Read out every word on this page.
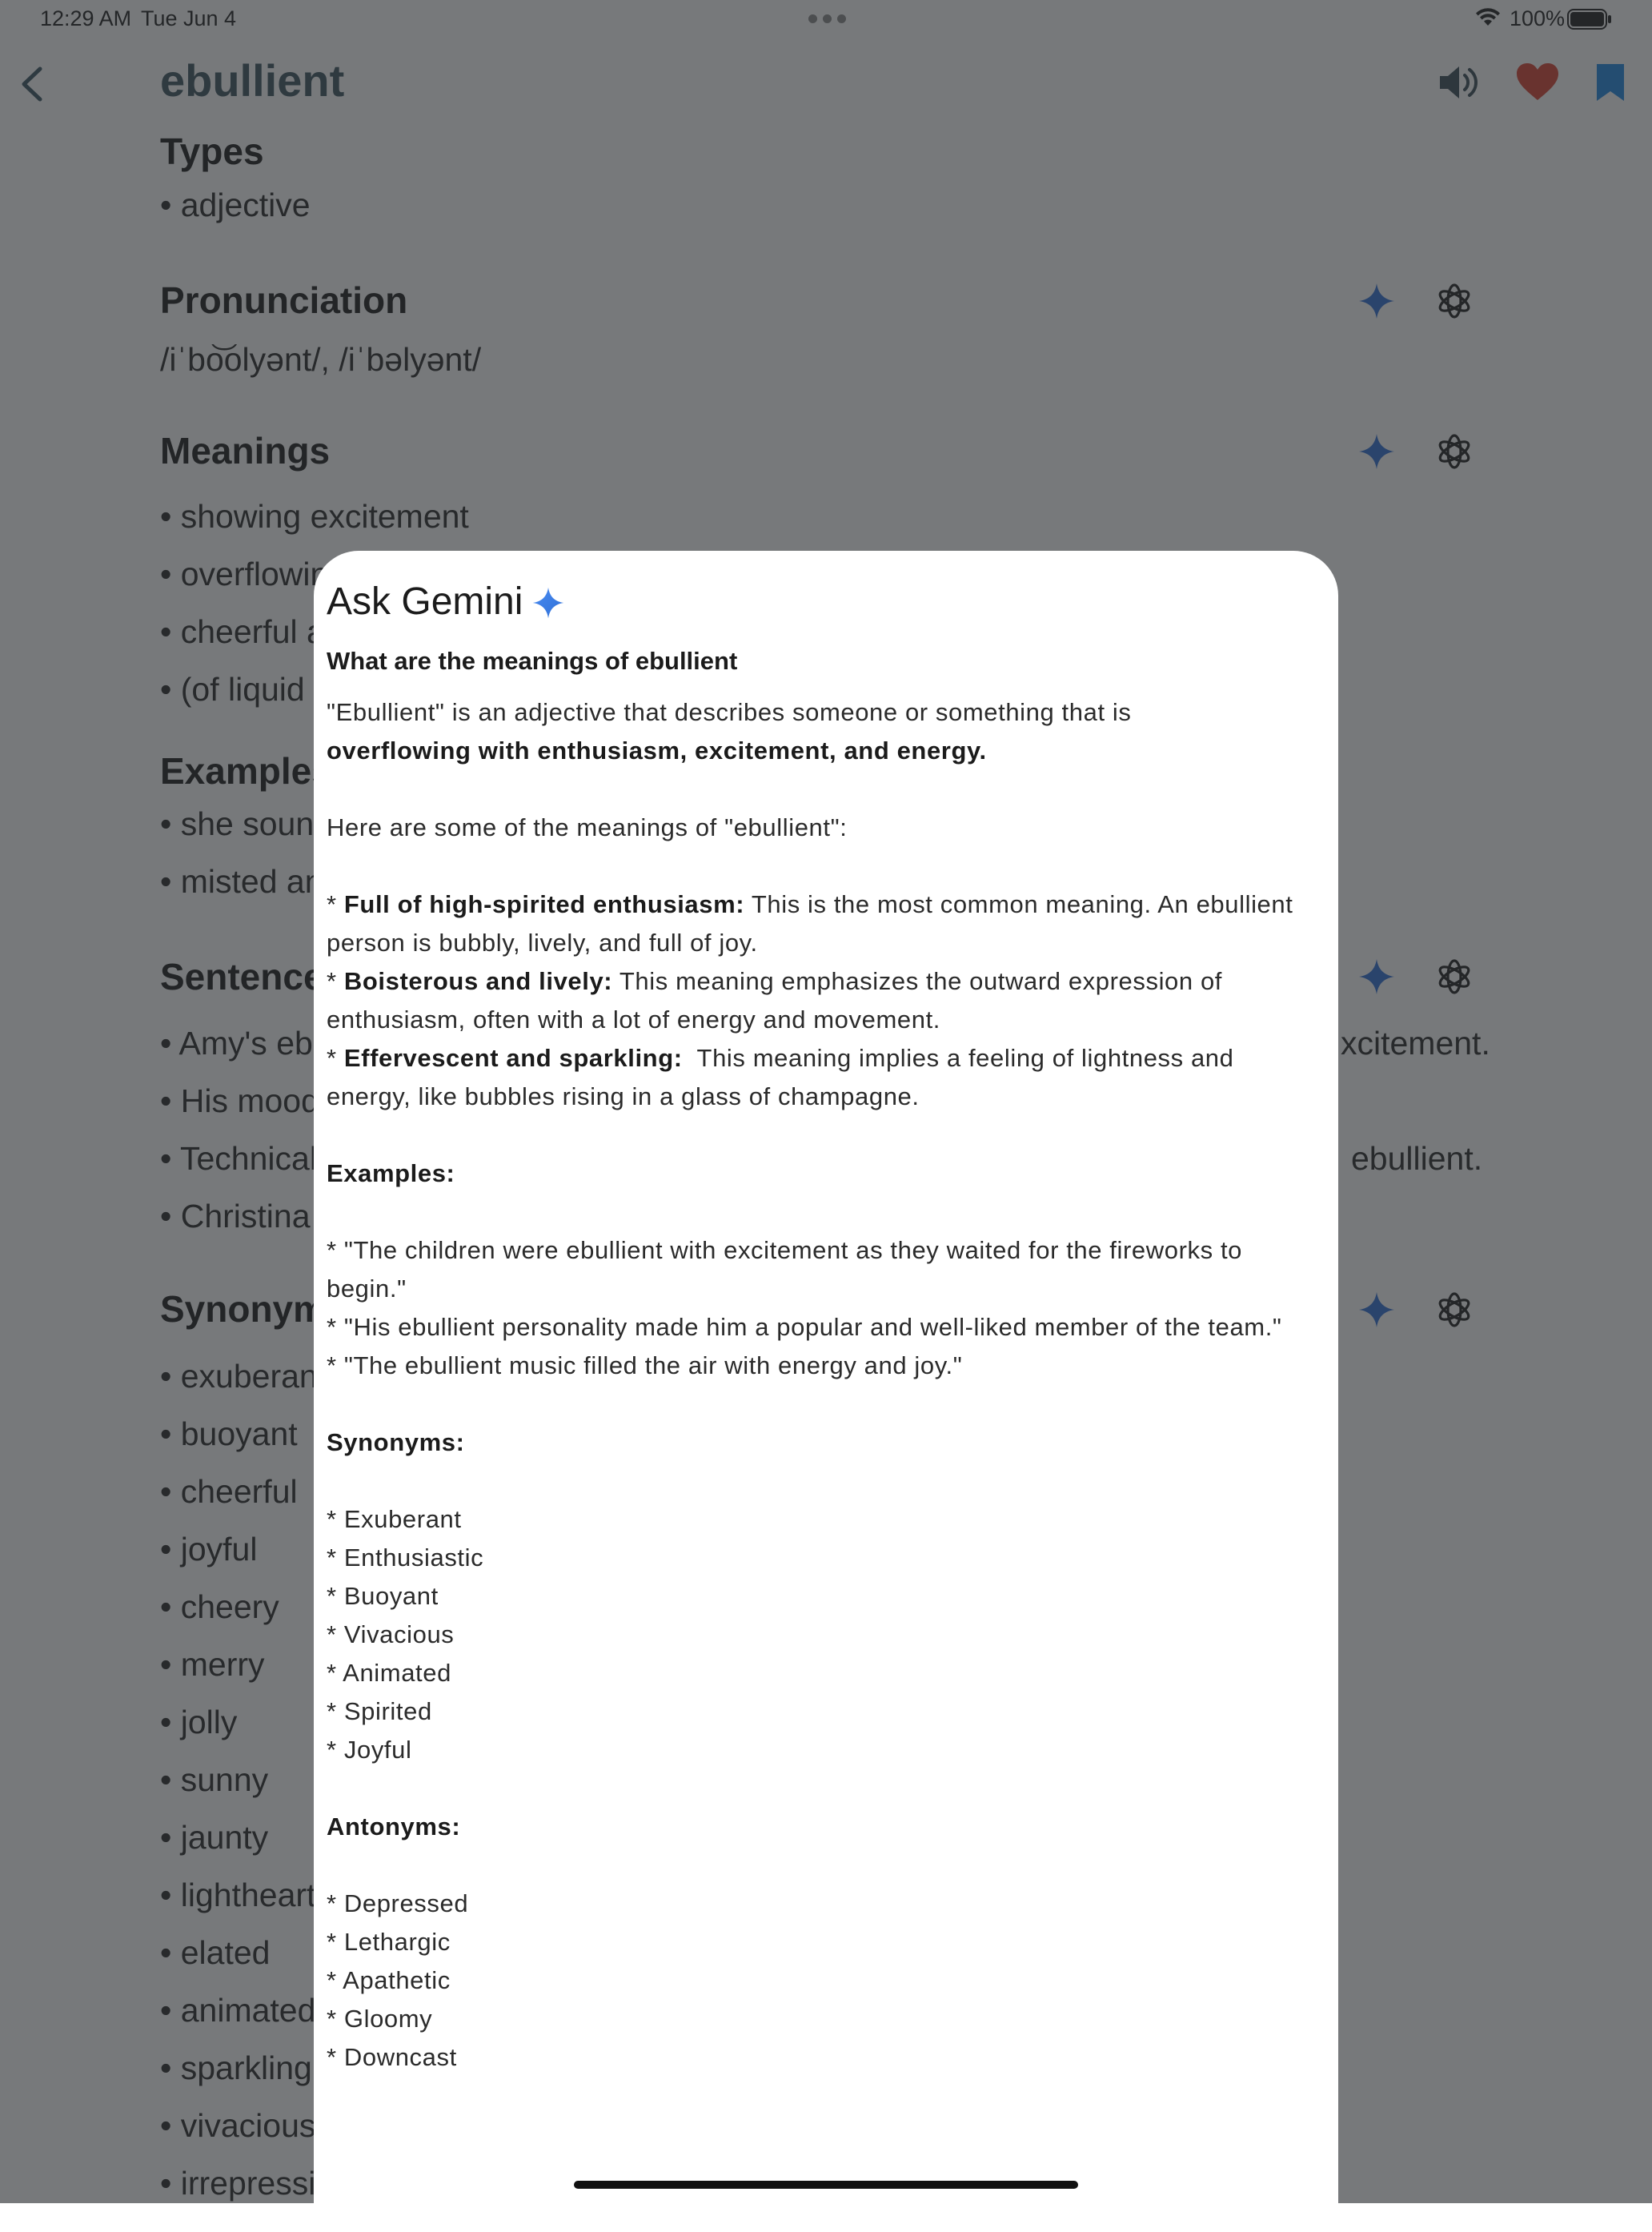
Ask Gemini
What are the meanings of ebullient

"Ebullient" is an adjective that describes someone or something that is
overflowing with enthusiasm, excitement, and energy.

Here are some of the meanings of "ebullient":

* Full of high-spirited enthusiasm: This is the most common meaning. An ebullient person is bubbly, lively, and full of joy.

* Boisterous and lively: This meaning emphasizes the outward expression of enthusiasm, often with a lot of energy and movement.

* Effervescent and sparkling:  This meaning implies a feeling of lightness and energy, like bubbles rising in a glass of champagne.

Examples:

* "The children were ebullient with excitement as they waited for the fireworks to begin."

* "His ebullient personality made him a popular and well-liked member of the team."

* "The ebullient music filled the air with energy and joy."

Synonyms:

* Exuberant

* Enthusiastic

* Buoyant

* Vivacious

* Animated

* Spirited

* Joyful

Antonyms:

* Depressed

* Lethargic

* Apathetic

* Gloomy

* Downcast
